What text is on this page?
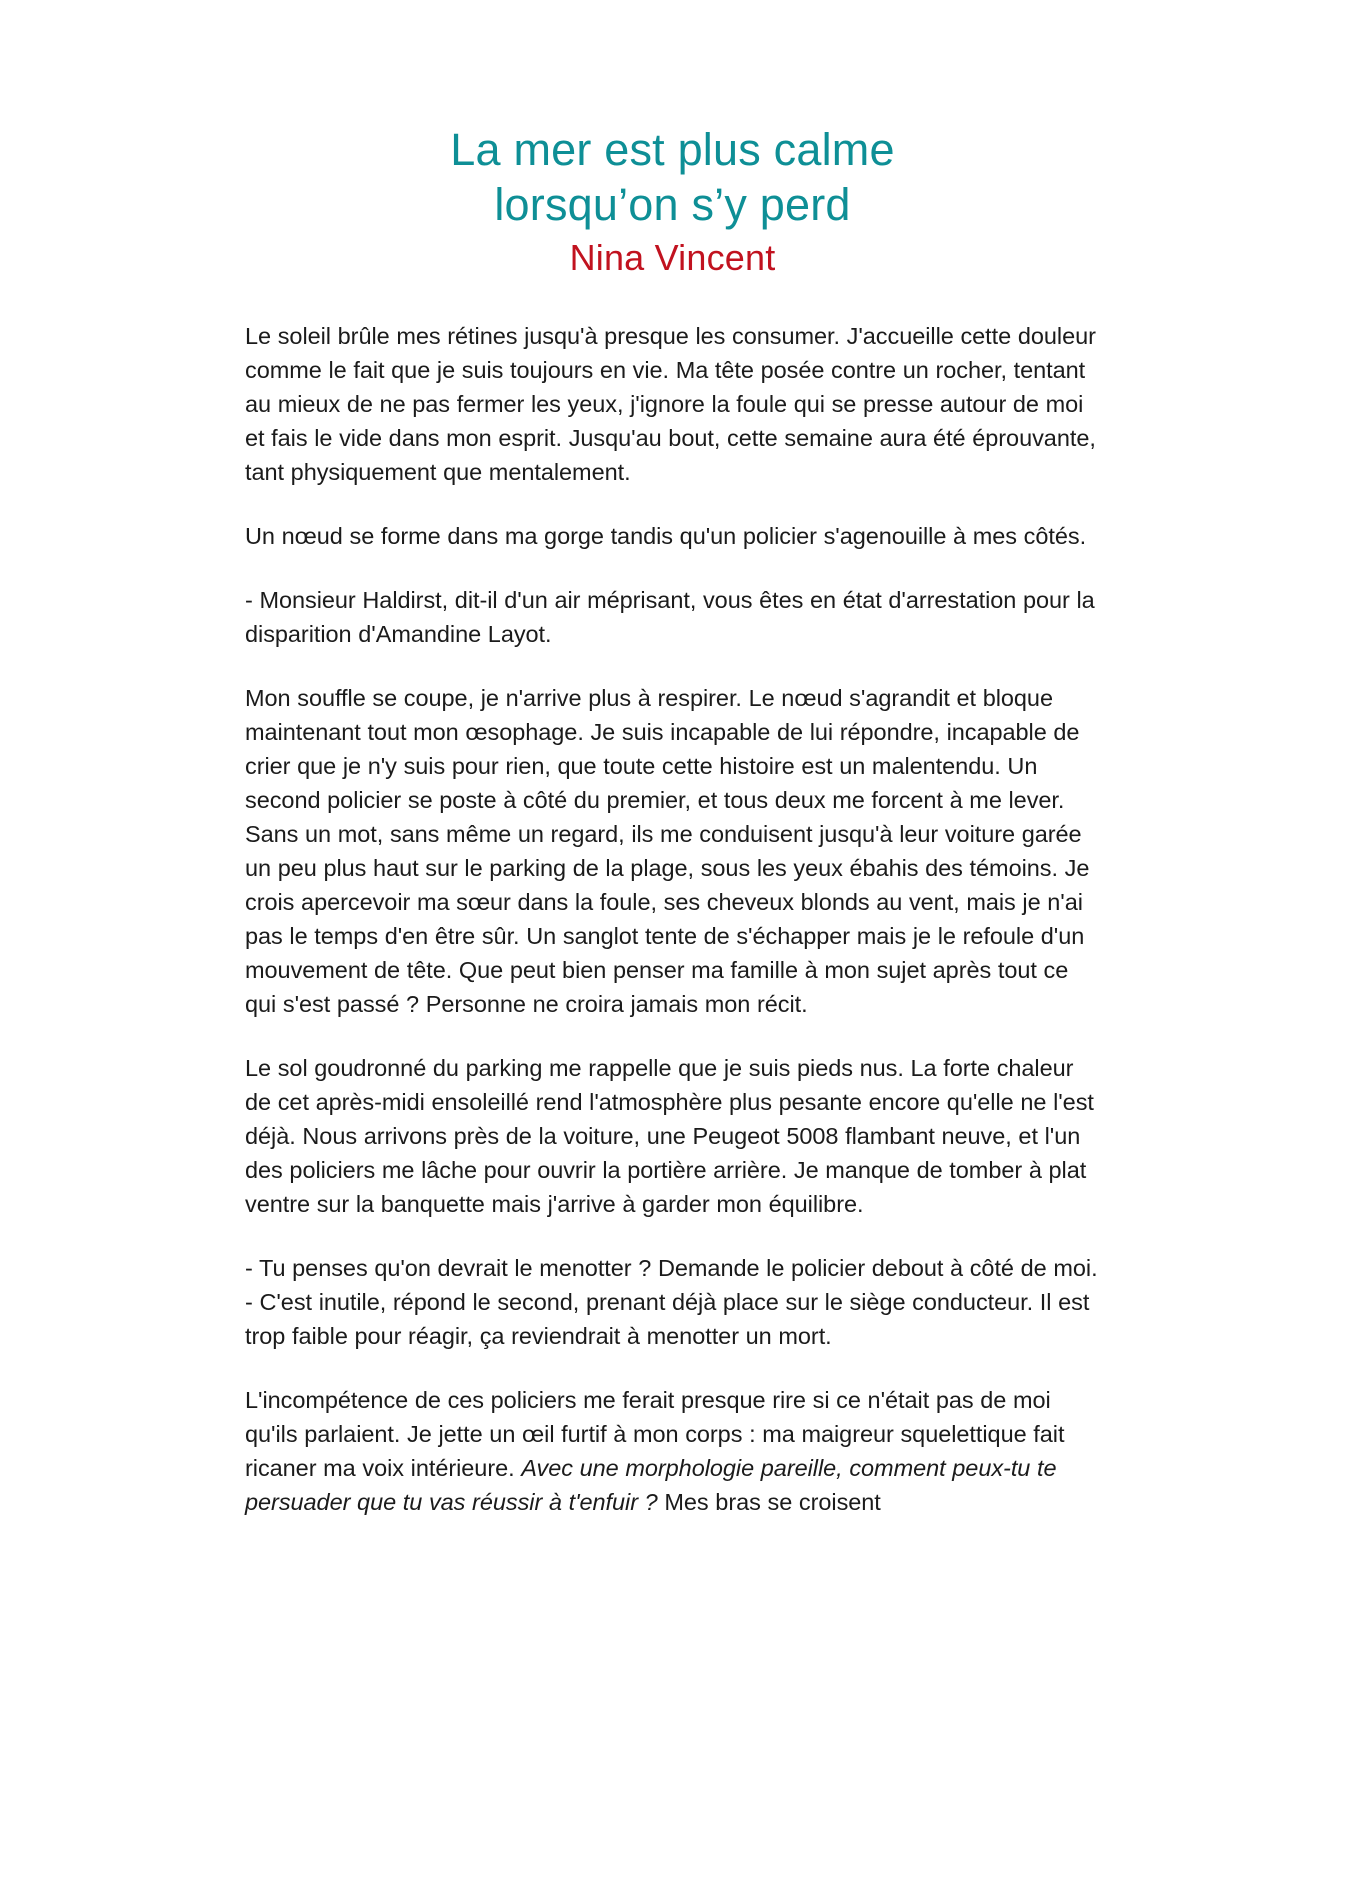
La mer est plus calme
lorsqu’on s’y perd
Nina Vincent

Le soleil brûle mes rétines jusqu'à presque les consumer. J'accueille cette douleur comme le fait que je suis toujours en vie. Ma tête posée contre un rocher, tentant au mieux de ne pas fermer les yeux, j'ignore la foule qui se presse autour de moi et fais le vide dans mon esprit. Jusqu'au bout, cette semaine aura été éprouvante, tant physiquement que mentalement.

Un nœud se forme dans ma gorge tandis qu'un policier s'agenouille à mes côtés.

- Monsieur Haldirst, dit-il d'un air méprisant, vous êtes en état d'arrestation pour la disparition d'Amandine Layot.

Mon souffle se coupe, je n'arrive plus à respirer. Le nœud s'agrandit et bloque maintenant tout mon œsophage. Je suis incapable de lui répondre, incapable de crier que je n'y suis pour rien, que toute cette histoire est un malentendu. Un second policier se poste à côté du premier, et tous deux me forcent à me lever. Sans un mot, sans même un regard, ils me conduisent jusqu'à leur voiture garée un peu plus haut sur le parking de la plage, sous les yeux ébahis des témoins. Je crois apercevoir ma sœur dans la foule, ses cheveux blonds au vent, mais je n'ai pas le temps d'en être sûr. Un sanglot tente de s'échapper mais je le refoule d'un mouvement de tête. Que peut bien penser ma famille à mon sujet après tout ce qui s'est passé ? Personne ne croira jamais mon récit.

Le sol goudronné du parking me rappelle que je suis pieds nus. La forte chaleur de cet après-midi ensoleillé rend l'atmosphère plus pesante encore qu'elle ne l'est déjà. Nous arrivons près de la voiture, une Peugeot 5008 flambant neuve, et l'un des policiers me lâche pour ouvrir la portière arrière. Je manque de tomber à plat ventre sur la banquette mais j'arrive à garder mon équilibre.

- Tu penses qu'on devrait le menotter ? Demande le policier debout à côté de moi.
- C'est inutile, répond le second, prenant déjà place sur le siège conducteur. Il est trop faible pour réagir, ça reviendrait à menotter un mort.

L'incompétence de ces policiers me ferait presque rire si ce n'était pas de moi qu'ils parlaient. Je jette un œil furtif à mon corps : ma maigreur squelettique fait ricaner ma voix intérieure. Avec une morphologie pareille, comment peux-tu te persuader que tu vas réussir à t'enfuir ? Mes bras se croisent
